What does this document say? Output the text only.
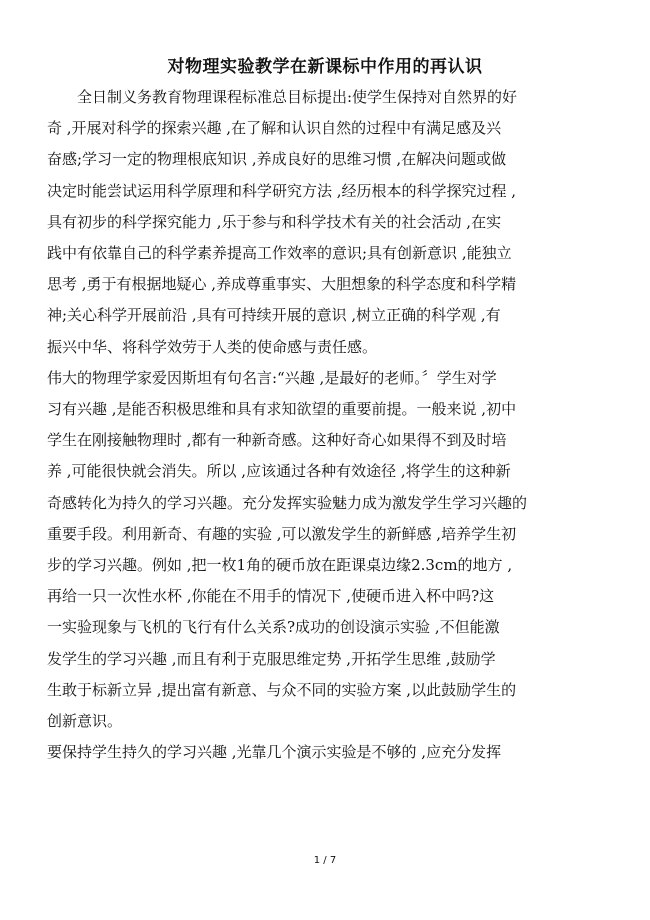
对物理实验教学在新课标中作用的再认识
　　全日制义务教育物理课程标准总目标提出:使学生保持对自然界的好
奇 ,开展对科学的探索兴趣 ,在了解和认识自然的过程中有满足感及兴
奋感;学习一定的物理根底知识 ,养成良好的思维习惯 ,在解决问题或做
决定时能尝试运用科学原理和科学研究方法 ,经历根本的科学探究过程 ,
具有初步的科学探究能力 ,乐于参与和科学技术有关的社会活动 ,在实
践中有依靠自己的科学素养提高工作效率的意识;具有创新意识 ,能独立
思考 ,勇于有根据地疑心 ,养成尊重事实、大胆想象的科学态度和科学精
神;关心科学开展前沿 ,具有可持续开展的意识 ,树立正确的科学观 ,有
振兴中华、将科学效劳于人类的使命感与责任感。
伟大的物理学家爱因斯坦有句名言:“兴趣 ,是最好的老师。〞学生对学
习有兴趣 ,是能否积极思维和具有求知欲望的重要前提。一般来说 ,初中
学生在刚接触物理时 ,都有一种新奇感。这种好奇心如果得不到及时培
养 ,可能很快就会消失。所以 ,应该通过各种有效途径 ,将学生的这种新
奇感转化为持久的学习兴趣。充分发挥实验魅力成为激发学生学习兴趣的
重要手段。利用新奇、有趣的实验 ,可以激发学生的新鲜感 ,培养学生初
步的学习兴趣。例如 ,把一枚1角的硬币放在距课桌边缘2.3cm的地方 ,
再给一只一次性水杯 ,你能在不用手的情况下 ,使硬币进入杯中吗?这
一实验现象与飞机的飞行有什么关系?成功的创设演示实验 ,不但能激
发学生的学习兴趣 ,而且有利于克服思维定势 ,开拓学生思维 ,鼓励学
生敢于标新立异 ,提出富有新意、与众不同的实验方案 ,以此鼓励学生的
创新意识。
要保持学生持久的学习兴趣 ,光靠几个演示实验是不够的 ,应充分发挥
1 / 7
